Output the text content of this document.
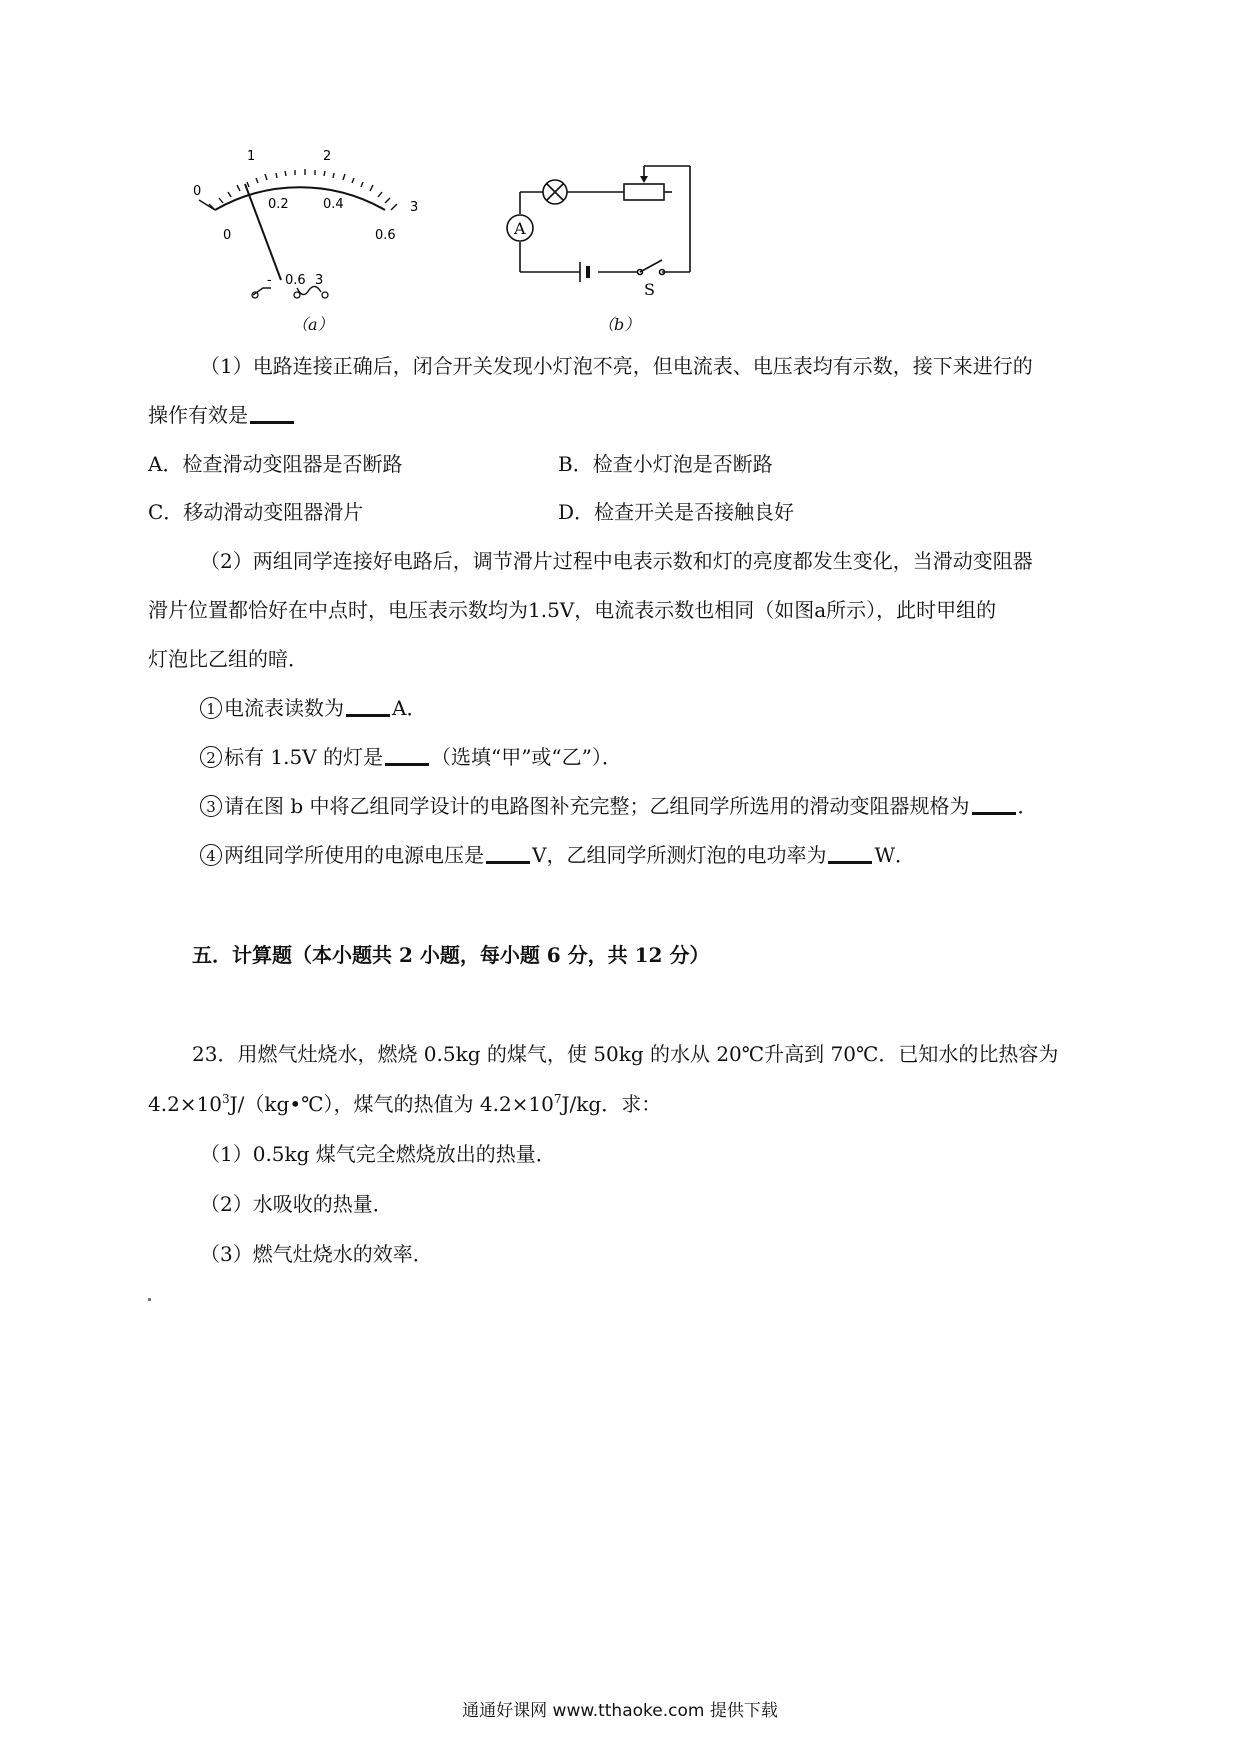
0
1	2
3
0
0.2	0.4
0.6
- 0.6 3
（a）
A
S
（b）
（1）电路连接正确后，闭合开关发现小灯泡不亮，但电流表、电压表均有示数，接下来进行的
操作有效是
A．检查滑动变阻器是否断路	B．检查小灯泡是否断路
C．移动滑动变阻器滑片	D．检查开关是否接触良好
（2）两组同学连接好电路后，调节滑片过程中电表示数和灯的亮度都发生变化，当滑动变阻器
滑片位置都恰好在中点时，电压表示数均为1.5V，电流表示数也相同（如图a所示），此时甲组的
灯泡比乙组的暗．
1 电流表读数为 A．
2 标有 1.5V 的灯是 （选填“甲”或“乙”）．
3 请在图 b 中将乙组同学设计的电路图补充完整；乙组同学所选用的滑动变阻器规格为 ．
4 两组同学所使用的电源电压是 V，乙组同学所测灯泡的电功率为 W．
五．计算题（本小题共 2 小题，每小题 6 分，共 12 分）
23．用燃气灶烧水，燃烧 0.5kg 的煤气，使 50kg 的水从 20℃升高到 70℃．已知水的比热容为
$4.2\times 10^3J/(kg•℃)$，煤气的热值为 $4.2\times 10^7J/kg$．求：
（1）0.5kg 煤气完全燃烧放出的热量．
（2）水吸收的热量．
（3）燃气灶烧水的效率．
通通好课网 www.tthaoke.com 提供下载
